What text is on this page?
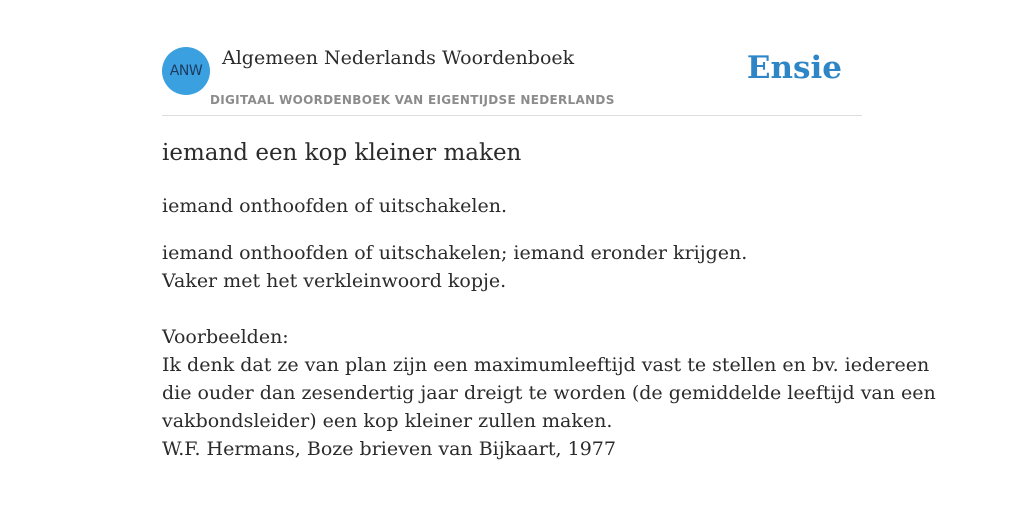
ANW
Algemeen Nederlands Woordenboek
DIGITAAL WOORDENBOEK VAN EIGENTIJDSE NEDERLANDS
Ensie
iemand een kop kleiner maken
iemand onthoofden of uitschakelen.
iemand onthoofden of uitschakelen; iemand eronder krijgen.
Vaker met het verkleinwoord kopje.
Voorbeelden:
Ik denk dat ze van plan zijn een maximumleeftijd vast te stellen en bv. iedereen
die ouder dan zesendertig jaar dreigt te worden (de gemiddelde leeftijd van een
vakbondsleider) een kop kleiner zullen maken.
W.F. Hermans, Boze brieven van Bijkaart, 1977
